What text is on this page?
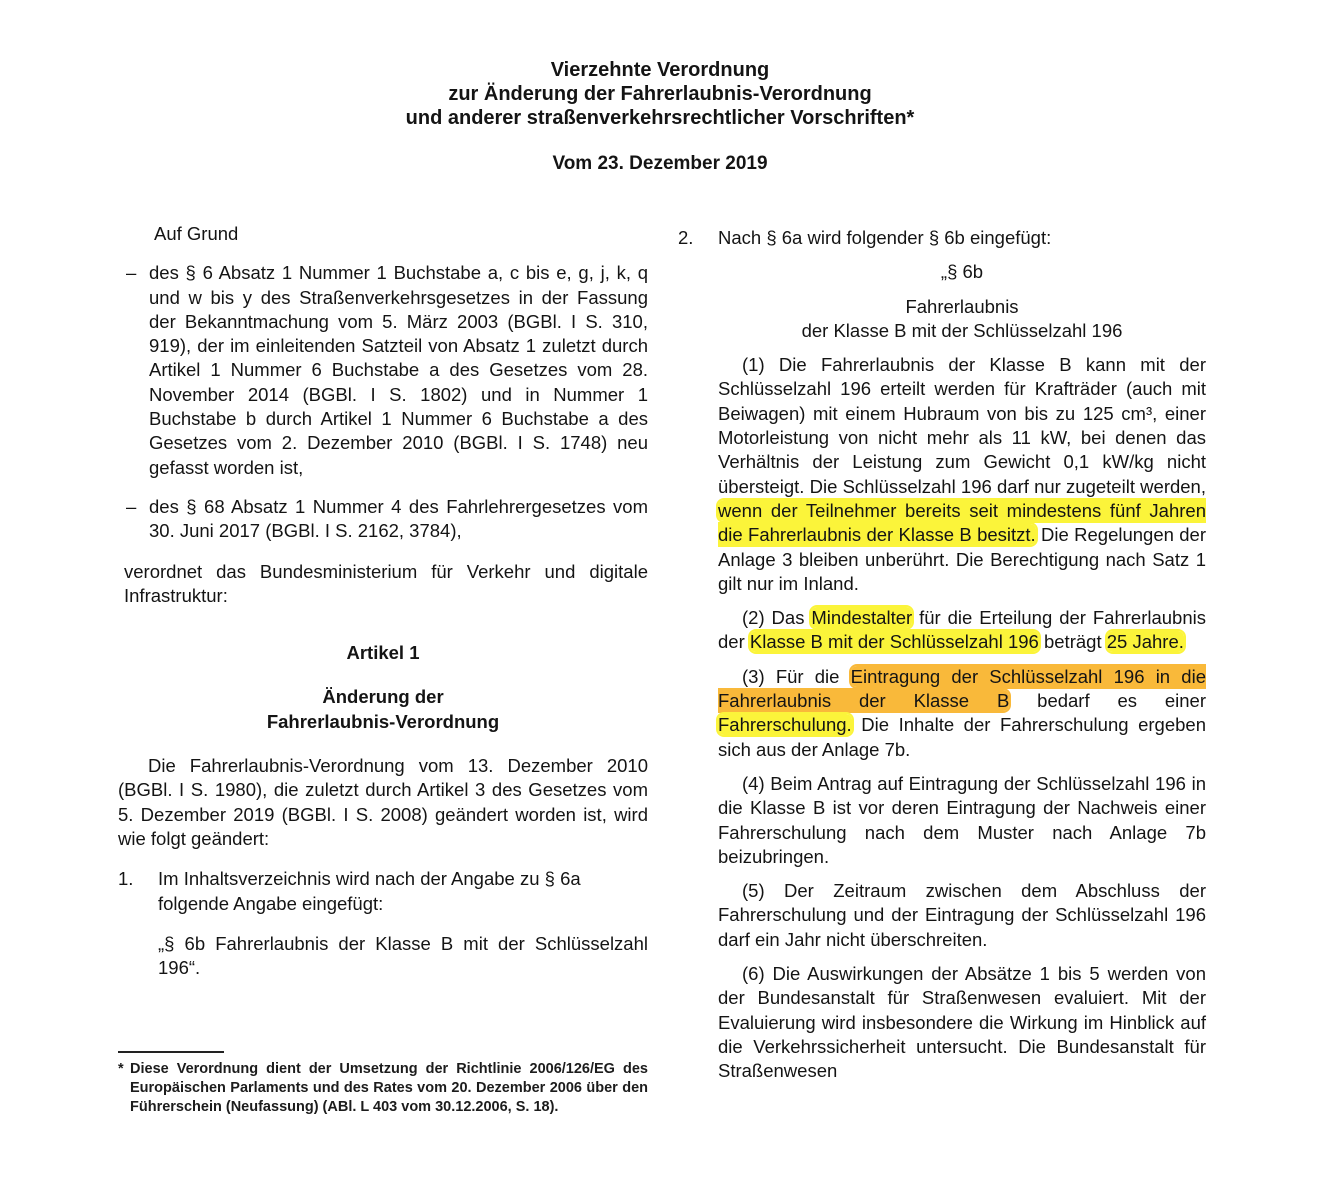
Vierzehnte Verordnung
zur Änderung der Fahrerlaubnis-Verordnung
und anderer straßenverkehrsrechtlicher Vorschriften*
Vom 23. Dezember 2019

Auf Grund

– des § 6 Absatz 1 Nummer 1 Buchstabe a, c bis e, g, j, k, q und w bis y des Straßenverkehrsgesetzes in der Fassung der Bekanntmachung vom 5. März 2003 (BGBl. I S. 310, 919), der im einleitenden Satzteil von Absatz 1 zuletzt durch Artikel 1 Nummer 6 Buchstabe a des Gesetzes vom 28. November 2014 (BGBl. I S. 1802) und in Nummer 1 Buchstabe b durch Artikel 1 Nummer 6 Buchstabe a des Gesetzes vom 2. Dezember 2010 (BGBl. I S. 1748) neu gefasst worden ist,
– des § 68 Absatz 1 Nummer 4 des Fahrlehrergesetzes vom 30. Juni 2017 (BGBl. I S. 2162, 3784),

verordnet das Bundesministerium für Verkehr und digitale Infrastruktur:

Artikel 1

Änderung der

Fahrerlaubnis-Verordnung

Die Fahrerlaubnis-Verordnung vom 13. Dezember 2010 (BGBl. I S. 1980), die zuletzt durch Artikel 3 des Gesetzes vom 5. Dezember 2019 (BGBl. I S. 2008) geändert worden ist, wird wie folgt geändert:

1. Im Inhaltsverzeichnis wird nach der Angabe zu § 6a folgende Angabe eingefügt:

„§ 6b Fahrerlaubnis der Klasse B mit der Schlüsselzahl 196“.

* Diese Verordnung dient der Umsetzung der Richtlinie 2006/126/EG des Europäischen Parlaments und des Rates vom 20. Dezember 2006 über den Führerschein (Neufassung) (ABl. L 403 vom 30.12.2006, S. 18).
2. Nach § 6a wird folgender § 6b eingefügt:

„§ 6b

Fahrerlaubnis

der Klasse B mit der Schlüsselzahl 196

(1) Die Fahrerlaubnis der Klasse B kann mit der Schlüsselzahl 196 erteilt werden für Krafträder (auch mit Beiwagen) mit einem Hubraum von bis zu 125 cm³, einer Motorleistung von nicht mehr als 11 kW, bei denen das Verhältnis der Leistung zum Gewicht 0,1 kW/kg nicht übersteigt. Die Schlüsselzahl 196 darf nur zugeteilt werden, wenn der Teilnehmer bereits seit mindestens fünf Jahren die Fahrerlaubnis der Klasse B besitzt. Die Regelungen der Anlage 3 bleiben unberührt. Die Berechtigung nach Satz 1 gilt nur im Inland.

(2) Das Mindestalter für die Erteilung der Fahrerlaubnis der Klasse B mit der Schlüsselzahl 196 beträgt 25 Jahre.

(3) Für die Eintragung der Schlüsselzahl 196 in die Fahrerlaubnis der Klasse B bedarf es einer Fahrerschulung. Die Inhalte der Fahrerschulung ergeben sich aus der Anlage 7b.

(4) Beim Antrag auf Eintragung der Schlüsselzahl 196 in die Klasse B ist vor deren Eintragung der Nachweis einer Fahrerschulung nach dem Muster nach Anlage 7b beizubringen.

(5) Der Zeitraum zwischen dem Abschluss der Fahrerschulung und der Eintragung der Schlüsselzahl 196 darf ein Jahr nicht überschreiten.

(6) Die Auswirkungen der Absätze 1 bis 5 werden von der Bundesanstalt für Straßenwesen evaluiert. Mit der Evaluierung wird insbesondere die Wirkung im Hinblick auf die Verkehrssicherheit untersucht. Die Bundesanstalt für Straßenwesen
